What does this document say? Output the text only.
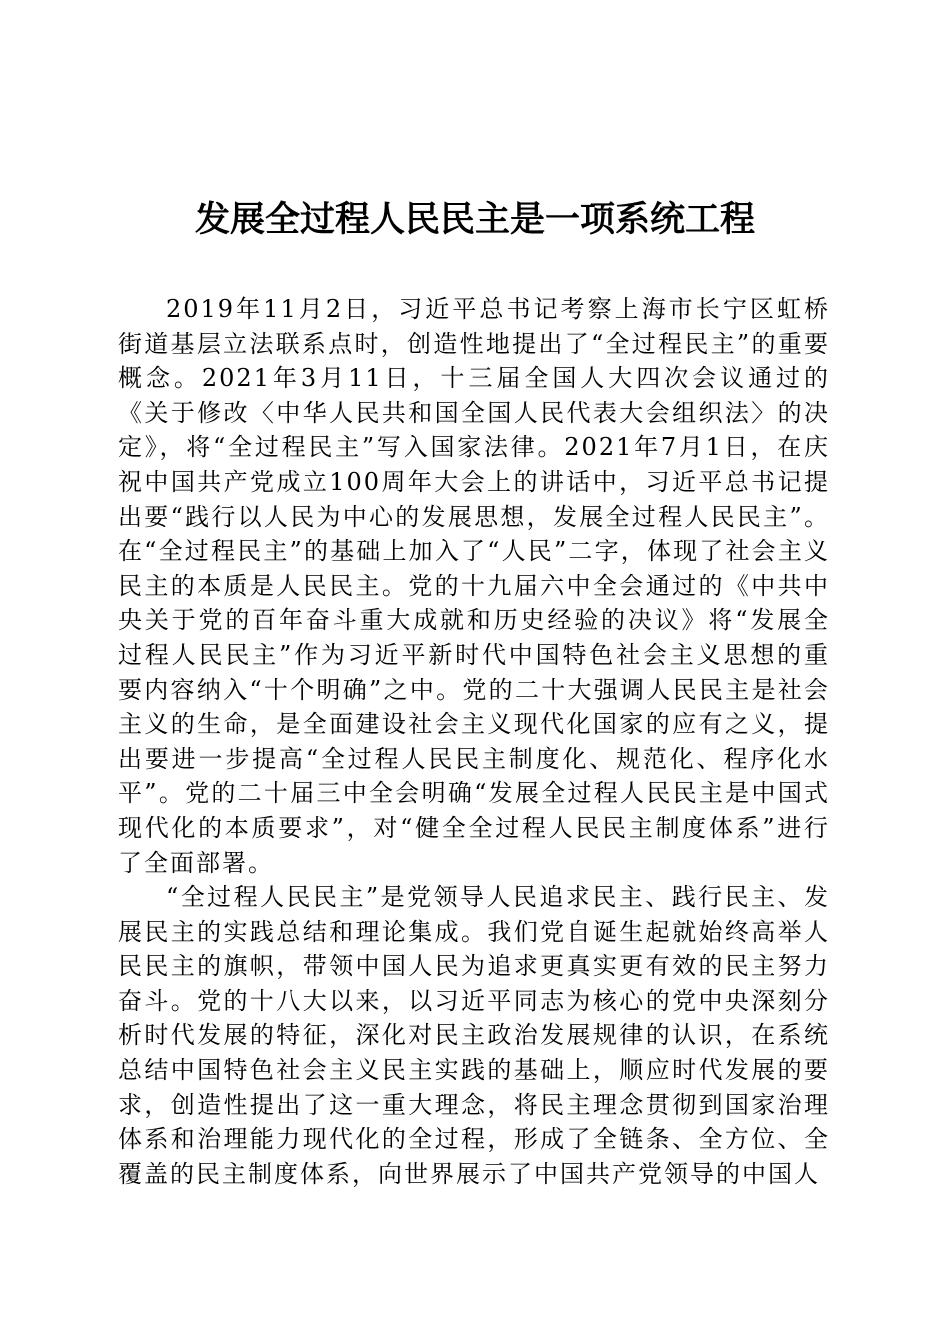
发展全过程人民民主是一项系统工程

2019年11月2日，习近平总书记考察上海市长宁区虹桥街道基层立法联系点时，创造性地提出了“全过程民主”的重要概念。2021年3月11日，十三届全国人大四次会议通过的《关于修改〈中华人民共和国全国人民代表大会组织法〉的决定》，将“全过程民主”写入国家法律。2021年7月1日，在庆祝中国共产党成立100周年大会上的讲话中，习近平总书记提出要“践行以人民为中心的发展思想，发展全过程人民民主”。在“全过程民主”的基础上加入了“人民”二字，体现了社会主义民主的本质是人民民主。党的十九届六中全会通过的《中共中央关于党的百年奋斗重大成就和历史经验的决议》将“发展全过程人民民主”作为习近平新时代中国特色社会主义思想的重要内容纳入“十个明确”之中。党的二十大强调人民民主是社会主义的生命，是全面建设社会主义现代化国家的应有之义，提出要进一步提高“全过程人民民主制度化、规范化、程序化水平”。党的二十届三中全会明确“发展全过程人民民主是中国式现代化的本质要求”，对“健全全过程人民民主制度体系”进行了全面部署。

“全过程人民民主”是党领导人民追求民主、践行民主、发展民主的实践总结和理论集成。我们党自诞生起就始终高举人民民主的旗帜，带领中国人民为追求更真实更有效的民主努力奋斗。党的十八大以来，以习近平同志为核心的党中央深刻分析时代发展的特征，深化对民主政治发展规律的认识，在系统总结中国特色社会主义民主实践的基础上，顺应时代发展的要求，创造性提出了这一重大理念，将民主理念贯彻到国家治理体系和治理能力现代化的全过程，形成了全链条、全方位、全覆盖的民主制度体系，向世界展示了中国共产党领导的中国人
